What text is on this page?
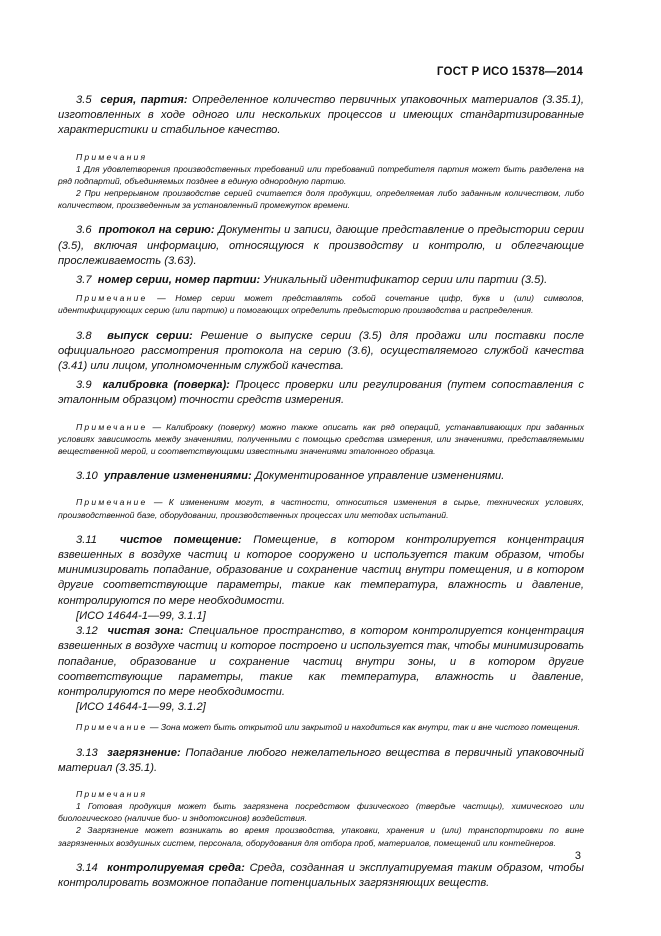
ГОСТ Р ИСО 15378—2014

3.5 серия, партия: Определенное количество первичных упаковочных материалов (3.35.1), изготовленных в ходе одного или нескольких процессов и имеющих стандартизированные характеристики и стабильное качество.

Примечания

1 Для удовлетворения производственных требований или требований потребителя партия может быть разделена на ряд подпартий, объединяемых позднее в единую однородную партию.

2 При непрерывном производстве серией считается доля продукции, определяемая либо заданным количеством, либо количеством, произведенным за установленный промежуток времени.

3.6 протокол на серию: Документы и записи, дающие представление о предыстории серии (3.5), включая информацию, относящуюся к производству и контролю, и облегчающие прослеживаемость (3.63).

3.7 номер серии, номер партии: Уникальный идентификатор серии или партии (3.5).

Примечание — Номер серии может представлять собой сочетание цифр, букв и (или) символов, идентифицирующих серию (или партию) и помогающих определить предысторию производства и распределения.

3.8 выпуск серии: Решение о выпуске серии (3.5) для продажи или поставки после официального рассмотрения протокола на серию (3.6), осуществляемого службой качества (3.41) или лицом, уполномоченным службой качества.

3.9 калибровка (поверка): Процесс проверки или регулирования (путем сопоставления с эталонным образцом) точности средств измерения.

Примечание — Калибровку (поверку) можно также описать как ряд операций, устанавливающих при заданных условиях зависимость между значениями, полученными с помощью средства измерения, или значениями, представляемыми вещественной мерой, и соответствующими известными значениями эталонного образца.

3.10 управление изменениями: Документированное управление изменениями.

Примечание — К изменениям могут, в частности, относиться изменения в сырье, технических условиях, производственной базе, оборудовании, производственных процессах или методах испытаний.

3.11 чистое помещение: Помещение, в котором контролируется концентрация взвешенных в воздухе частиц и которое сооружено и используется таким образом, чтобы минимизировать попадание, образование и сохранение частиц внутри помещения, и в котором другие соответствующие параметры, такие как температура, влажность и давление, контролируются по мере необходимости.

[ИСО 14644-1—99, 3.1.1]

3.12 чистая зона: Специальное пространство, в котором контролируется концентрация взвешенных в воздухе частиц и которое построено и используется так, чтобы минимизировать попадание, образование и сохранение частиц внутри зоны, и в котором другие соответствующие параметры, такие как температура, влажность и давление, контролируются по мере необходимости.

[ИСО 14644-1—99, 3.1.2]

Примечание — Зона может быть открытой или закрытой и находиться как внутри, так и вне чистого помещения.

3.13 загрязнение: Попадание любого нежелательного вещества в первичный упаковочный материал (3.35.1).

Примечания

1 Готовая продукция может быть загрязнена посредством физического (твердые частицы), химического или биологического (наличие био- и эндотоксинов) воздействия.

2 Загрязнение может возникать во время производства, упаковки, хранения и (или) транспортировки по вине загрязненных воздушных систем, персонала, оборудования для отбора проб, материалов, помещений или контейнеров.

3.14 контролируемая среда: Среда, созданная и эксплуатируемая таким образом, чтобы контролировать возможное попадание потенциальных загрязняющих веществ.

3
